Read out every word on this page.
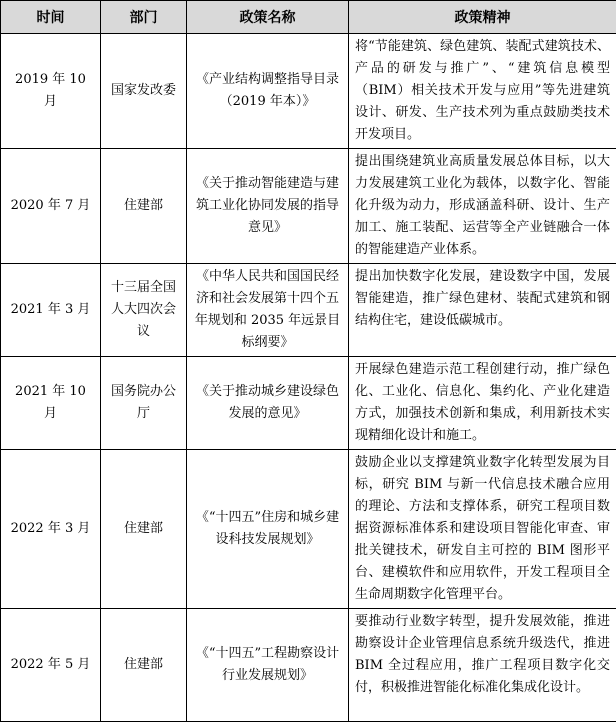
时间	部门	政策名称	政策精神
2019 年 10 月	国家发改委	《产业结构调整指导目录（2019 年本）》	将“节能建筑、绿色建筑、装配式建筑技术、产品的研发与推广”、“建筑信息模型（BIM）相关技术开发与应用”等先进建筑设计、研发、生产技术列为重点鼓励类技术开发项目。
2020 年 7 月	住建部	《关于推动智能建造与建筑工业化协同发展的指导意见》	提出围绕建筑业高质量发展总体目标，以大力发展建筑工业化为载体，以数字化、智能化升级为动力，形成涵盖科研、设计、生产加工、施工装配、运营等全产业链融合一体的智能建造产业体系。
2021 年 3 月	十三届全国人大四次会议	《中华人民共和国国民经济和社会发展第十四个五年规划和 2035 年远景目标纲要》	提出加快数字化发展，建设数字中国，发展智能建造，推广绿色建材、装配式建筑和钢结构住宅，建设低碳城市。
2021 年 10 月	国务院办公厅	《关于推动城乡建设绿色发展的意见》	开展绿色建造示范工程创建行动，推广绿色化、工业化、信息化、集约化、产业化建造方式，加强技术创新和集成，利用新技术实现精细化设计和施工。
2022 年 3 月	住建部	《“十四五”住房和城乡建设科技发展规划》	鼓励企业以支撑建筑业数字化转型发展为目标，研究 BIM 与新一代信息技术融合应用的理论、方法和支撑体系，研究工程项目数据资源标准体系和建设项目智能化审查、审批关键技术，研发自主可控的 BIM 图形平台、建模软件和应用软件，开发工程项目全生命周期数字化管理平台。
2022 年 5 月	住建部	《“十四五”工程勘察设计行业发展规划》	要推动行业数字转型，提升发展效能，推进勘察设计企业管理信息系统升级迭代，推进 BIM 全过程应用，推广工程项目数字化交付，积极推进智能化标准化集成化设计。
